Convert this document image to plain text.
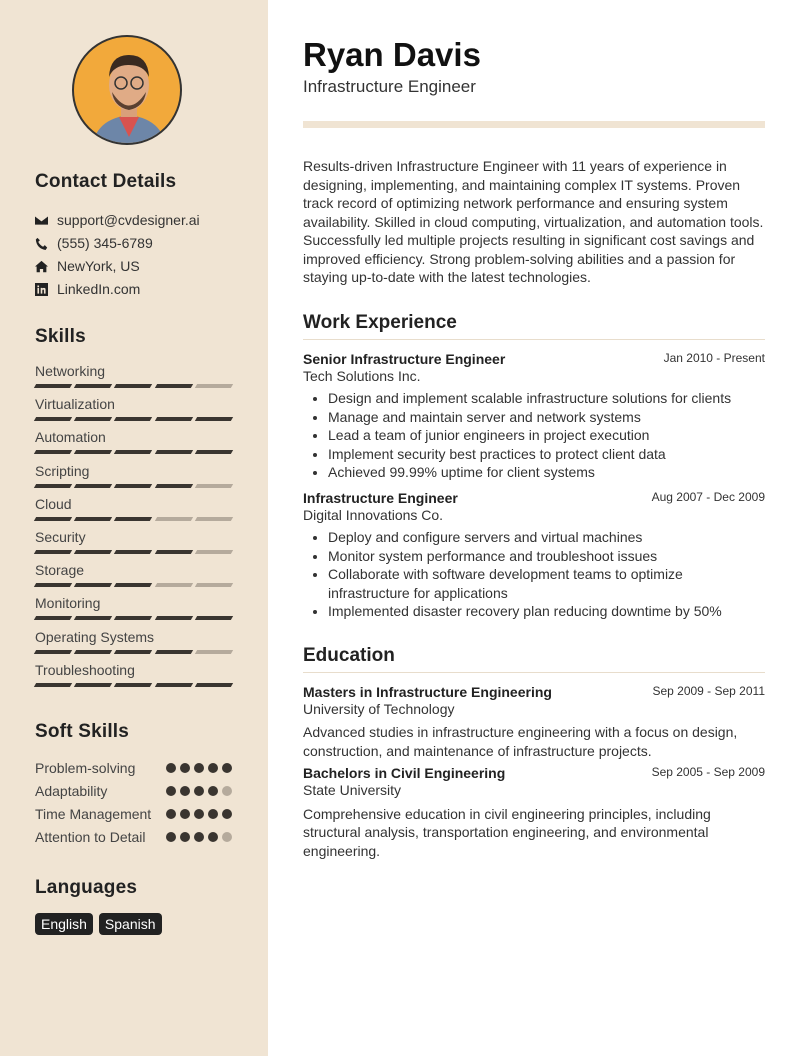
Contact Details
support@cvdesigner.ai
(555) 345-6789
NewYork, US
LinkedIn.com
Skills
Networking
Virtualization
Automation
Scripting
Cloud
Security
Storage
Monitoring
Operating Systems
Troubleshooting
Soft Skills
Problem-solving
Adaptability
Time Management
Attention to Detail
Languages
English	Spanish
Ryan Davis
Infrastructure Engineer
Results-driven Infrastructure Engineer with 11 years of experience in designing, implementing, and maintaining complex IT systems. Proven track record of optimizing network performance and ensuring system availability. Skilled in cloud computing, virtualization, and automation tools. Successfully led multiple projects resulting in significant cost savings and improved efficiency. Strong problem-solving abilities and a passion for staying up-to-date with the latest technologies.
Work Experience
Senior Infrastructure Engineer	Jan 2010 - Present
Tech Solutions Inc.
• Design and implement scalable infrastructure solutions for clients
• Manage and maintain server and network systems
• Lead a team of junior engineers in project execution
• Implement security best practices to protect client data
• Achieved 99.99% uptime for client systems
Infrastructure Engineer	Aug 2007 - Dec 2009
Digital Innovations Co.
• Deploy and configure servers and virtual machines
• Monitor system performance and troubleshoot issues
• Collaborate with software development teams to optimize infrastructure for applications
• Implemented disaster recovery plan reducing downtime by 50%
Education
Masters in Infrastructure Engineering	Sep 2009 - Sep 2011
University of Technology
Advanced studies in infrastructure engineering with a focus on design, construction, and maintenance of infrastructure projects.
Bachelors in Civil Engineering	Sep 2005 - Sep 2009
State University
Comprehensive education in civil engineering principles, including structural analysis, transportation engineering, and environmental engineering.
